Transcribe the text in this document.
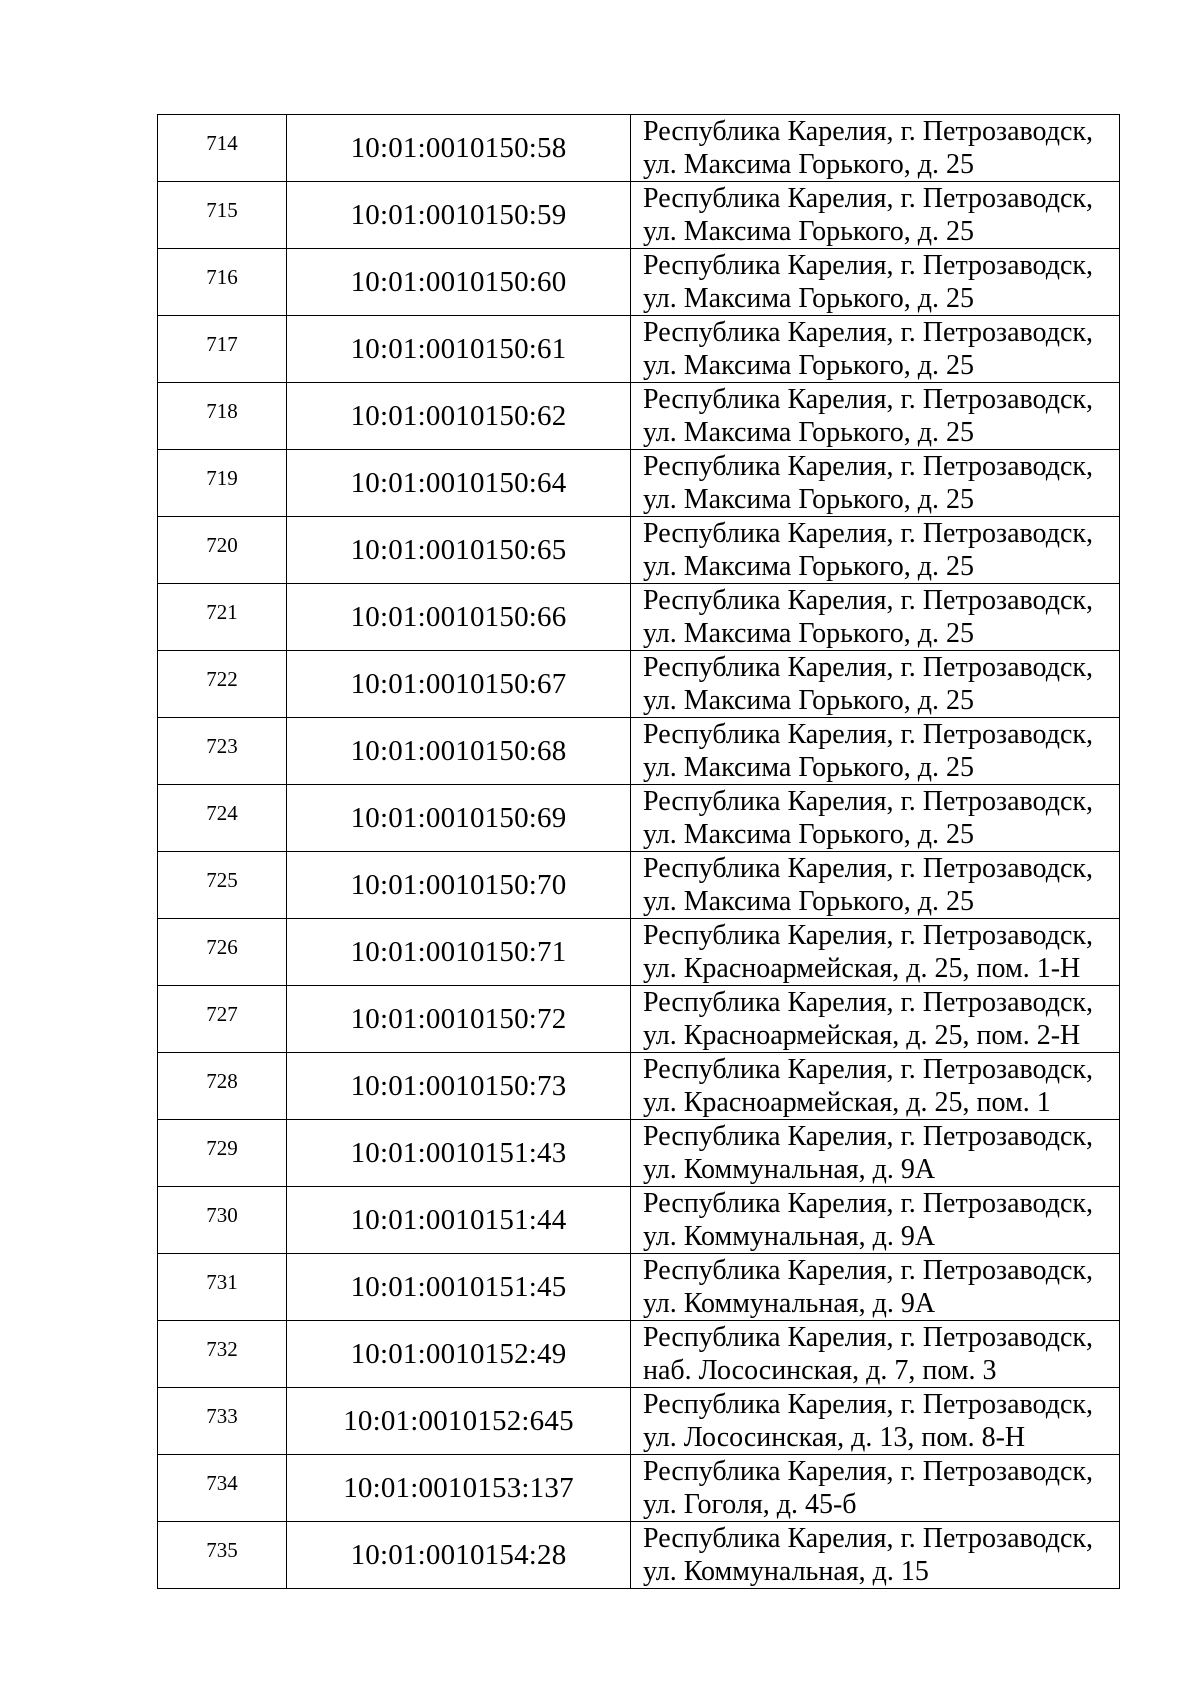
714	10:01:0010150:58	Республика Карелия, г. Петрозаводск,
ул. Максима Горького, д. 25

715	10:01:0010150:59	Республика Карелия, г. Петрозаводск,
ул. Максима Горького, д. 25

716	10:01:0010150:60	Республика Карелия, г. Петрозаводск,
ул. Максима Горького, д. 25

717	10:01:0010150:61	Республика Карелия, г. Петрозаводск,
ул. Максима Горького, д. 25

718	10:01:0010150:62	Республика Карелия, г. Петрозаводск,
ул. Максима Горького, д. 25

719	10:01:0010150:64	Республика Карелия, г. Петрозаводск,
ул. Максима Горького, д. 25

720	10:01:0010150:65	Республика Карелия, г. Петрозаводск,
ул. Максима Горького, д. 25

721	10:01:0010150:66	Республика Карелия, г. Петрозаводск,
ул. Максима Горького, д. 25

722	10:01:0010150:67	Республика Карелия, г. Петрозаводск,
ул. Максима Горького, д. 25

723	10:01:0010150:68	Республика Карелия, г. Петрозаводск,
ул. Максима Горького, д. 25

724	10:01:0010150:69	Республика Карелия, г. Петрозаводск,
ул. Максима Горького, д. 25

725	10:01:0010150:70	Республика Карелия, г. Петрозаводск,
ул. Максима Горького, д. 25

726	10:01:0010150:71	Республика Карелия, г. Петрозаводск,
ул. Красноармейская, д. 25, пом. 1-Н

727	10:01:0010150:72	Республика Карелия, г. Петрозаводск,
ул. Красноармейская, д. 25, пом. 2-Н

728	10:01:0010150:73	Республика Карелия, г. Петрозаводск,
ул. Красноармейская, д. 25, пом. 1

729	10:01:0010151:43	Республика Карелия, г. Петрозаводск,
ул. Коммунальная, д. 9А

730	10:01:0010151:44	Республика Карелия, г. Петрозаводск,
ул. Коммунальная, д. 9А

731	10:01:0010151:45	Республика Карелия, г. Петрозаводск,
ул. Коммунальная, д. 9А

732	10:01:0010152:49	Республика Карелия, г. Петрозаводск,
наб. Лососинская, д. 7, пом. 3

733	10:01:0010152:645	Республика Карелия, г. Петрозаводск,
ул. Лососинская, д. 13, пом. 8-Н

734	10:01:0010153:137	Республика Карелия, г. Петрозаводск,
ул. Гоголя, д. 45-б

735	10:01:0010154:28	Республика Карелия, г. Петрозаводск,
ул. Коммунальная, д. 15
